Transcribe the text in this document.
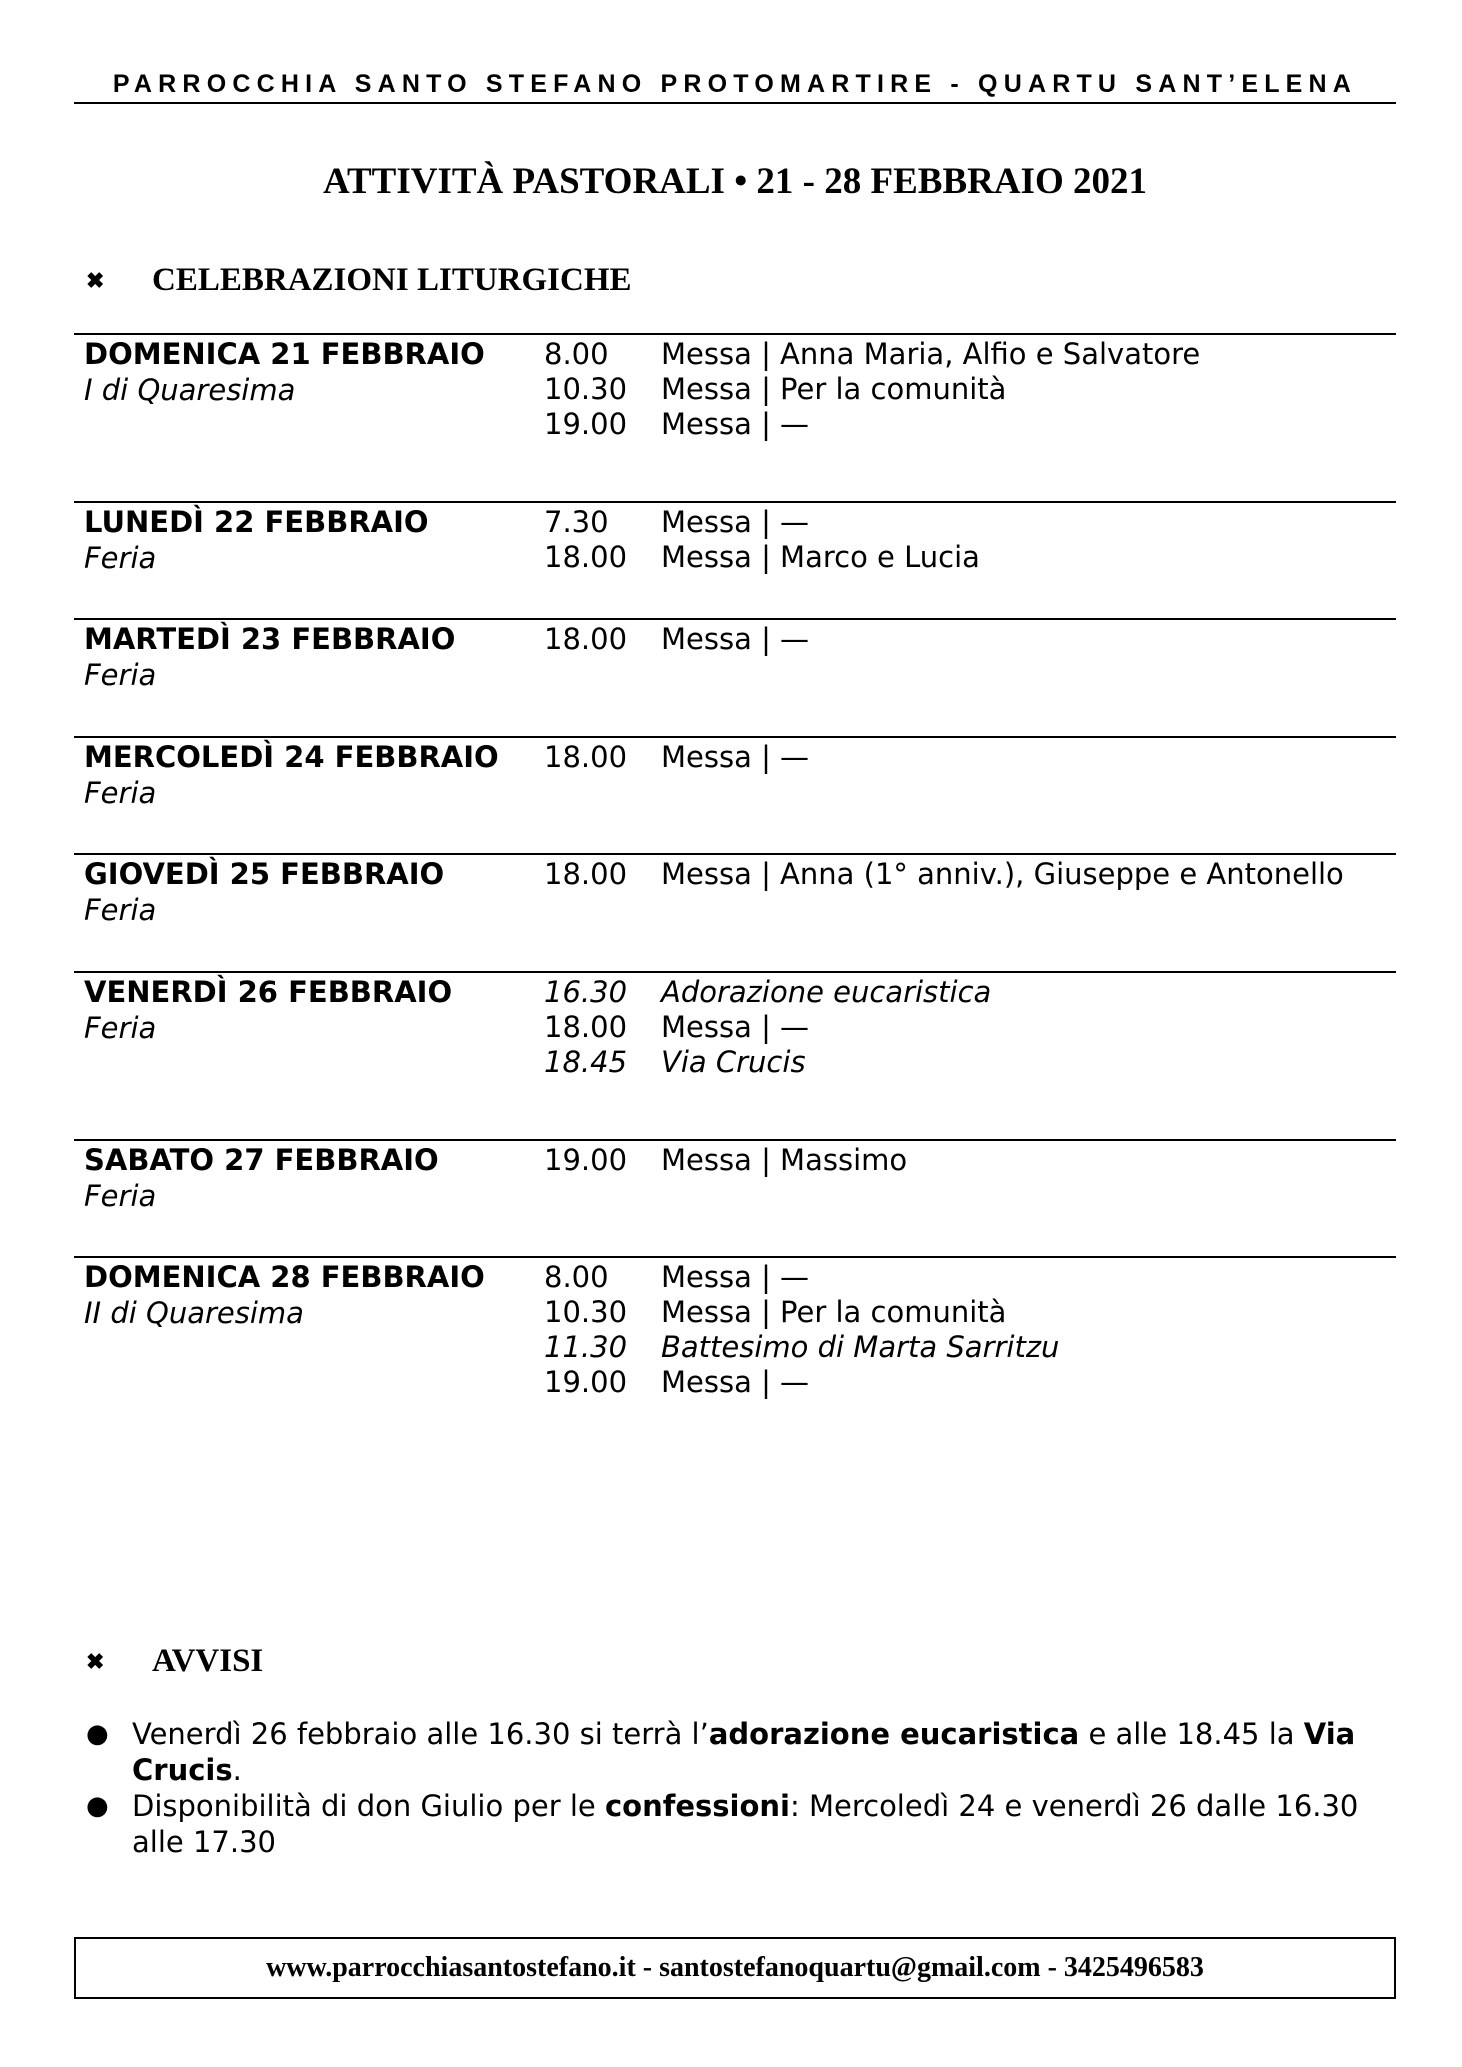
PARROCCHIA SANTO STEFANO PROTOMARTIRE - QUARTU SANT’ELENA
ATTIVITÀ PASTORALI • 21 - 28 FEBBRAIO 2021
✖	CELEBRAZIONI LITURGICHE
DOMENICA 21 FEBBRAIO
I di Quaresima
8.00 Messa | Anna Maria, Alfio e Salvatore
10.30 Messa | Per la comunità
19.00 Messa | —
LUNEDÌ 22 FEBBRAIO
Feria
7.30 Messa | —
18.00 Messa | Marco e Lucia
MARTEDÌ 23 FEBBRAIO
Feria
18.00 Messa | —
MERCOLEDÌ 24 FEBBRAIO
Feria
18.00 Messa | —
GIOVEDÌ 25 FEBBRAIO
Feria
18.00 Messa | Anna (1° anniv.), Giuseppe e Antonello
VENERDÌ 26 FEBBRAIO
Feria
16.30 Adorazione eucaristica
18.00 Messa | —
18.45 Via Crucis
SABATO 27 FEBBRAIO
Feria
19.00 Messa | Massimo
DOMENICA 28 FEBBRAIO
II di Quaresima
8.00 Messa | —
10.30 Messa | Per la comunità
11.30 Battesimo di Marta Sarritzu
19.00 Messa | —
✖	AVVISI
● Venerdì 26 febbraio alle 16.30 si terrà l’adorazione eucaristica e alle 18.45 la Via Crucis.
● Disponibilità di don Giulio per le confessioni: Mercoledì 24 e venerdì 26 dalle 16.30 alle 17.30
www.parrocchiasantostefano.it - santostefanoquartu@gmail.com - 3425496583
